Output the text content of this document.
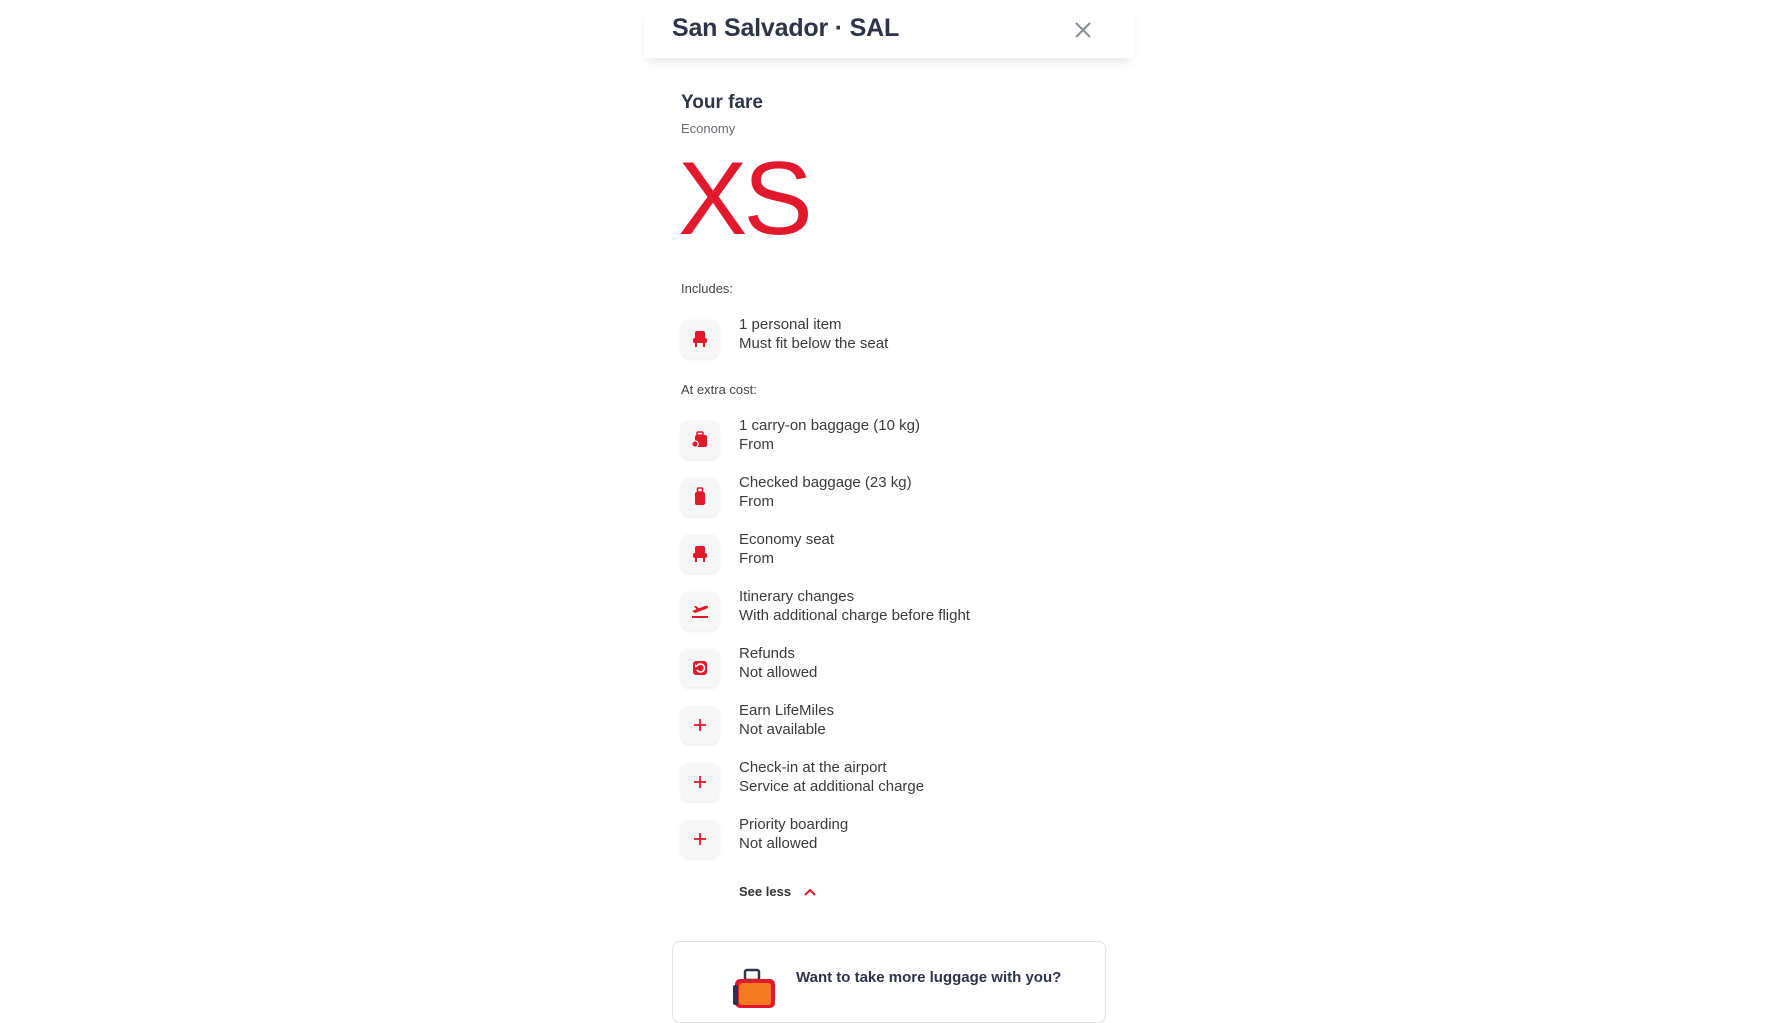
San Salvador · SAL
Your fare
Economy
XS
Includes:
1 personal item
Must fit below the seat
At extra cost:
1 carry-on baggage (10 kg)
From
Checked baggage (23 kg)
From
Economy seat
From
Itinerary changes
With additional charge before flight
Refunds
Not allowed
Earn LifeMiles
Not available
Check-in at the airport
Service at additional charge
Priority boarding
Not allowed
See less
Want to take more luggage with you?
